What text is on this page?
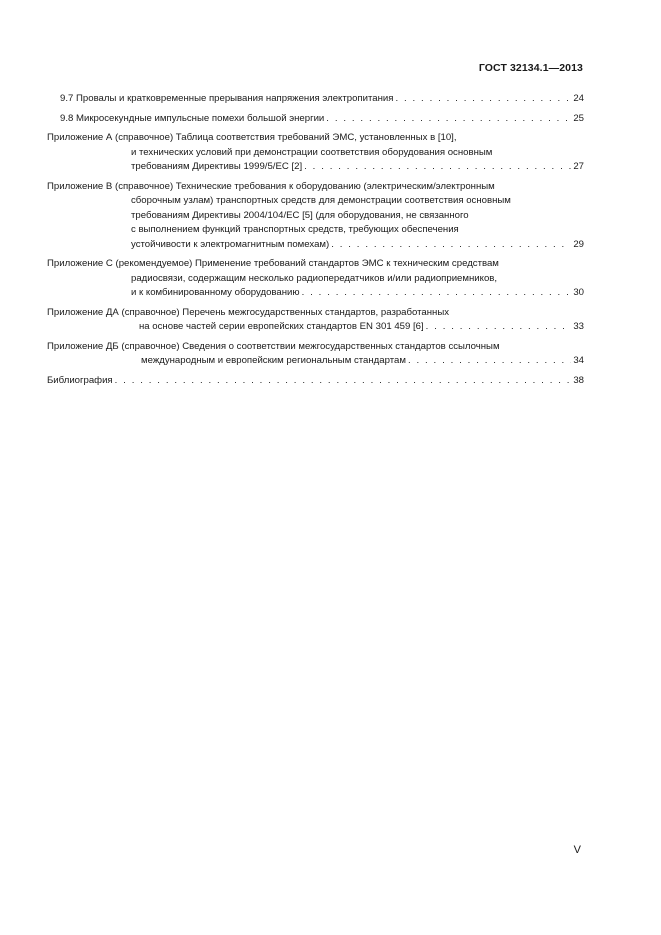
ГОСТ 32134.1—2013
9.7 Провалы и кратковременные прерывания напряжения электропитания . . .	24
9.8 Микросекундные импульсные помехи большой энергии . . .	25
Приложение А (справочное) Таблица соответствия требований ЭМС, установленных в [10],
и технических условий при демонстрации соответствия оборудования основным
требованиям Директивы 1999/5/ЕС [2] . . .	27
Приложение В (справочное) Технические требования к оборудованию (электрическим/электронным
сборочным узлам) транспортных средств для демонстрации соответствия основным
требованиям Директивы 2004/104/ЕС [5] (для оборудования, не связанного
с выполнением функций транспортных средств, требующих обеспечения
устойчивости к электромагнитным помехам) . . .	29
Приложение С (рекомендуемое) Применение требований стандартов ЭМС к техническим средствам
радиосвязи, содержащим несколько радиопередатчиков и/или радиоприемников,
и к комбинированному оборудованию . . .	30
Приложение ДА (справочное) Перечень межгосударственных стандартов, разработанных
на основе частей серии европейских стандартов EN 301 459 [6] . . .	33
Приложение ДБ (справочное) Сведения о соответствии межгосударственных стандартов ссылочным
международным и европейским региональным стандартам . . .	34
Библиография . . .	38
V
